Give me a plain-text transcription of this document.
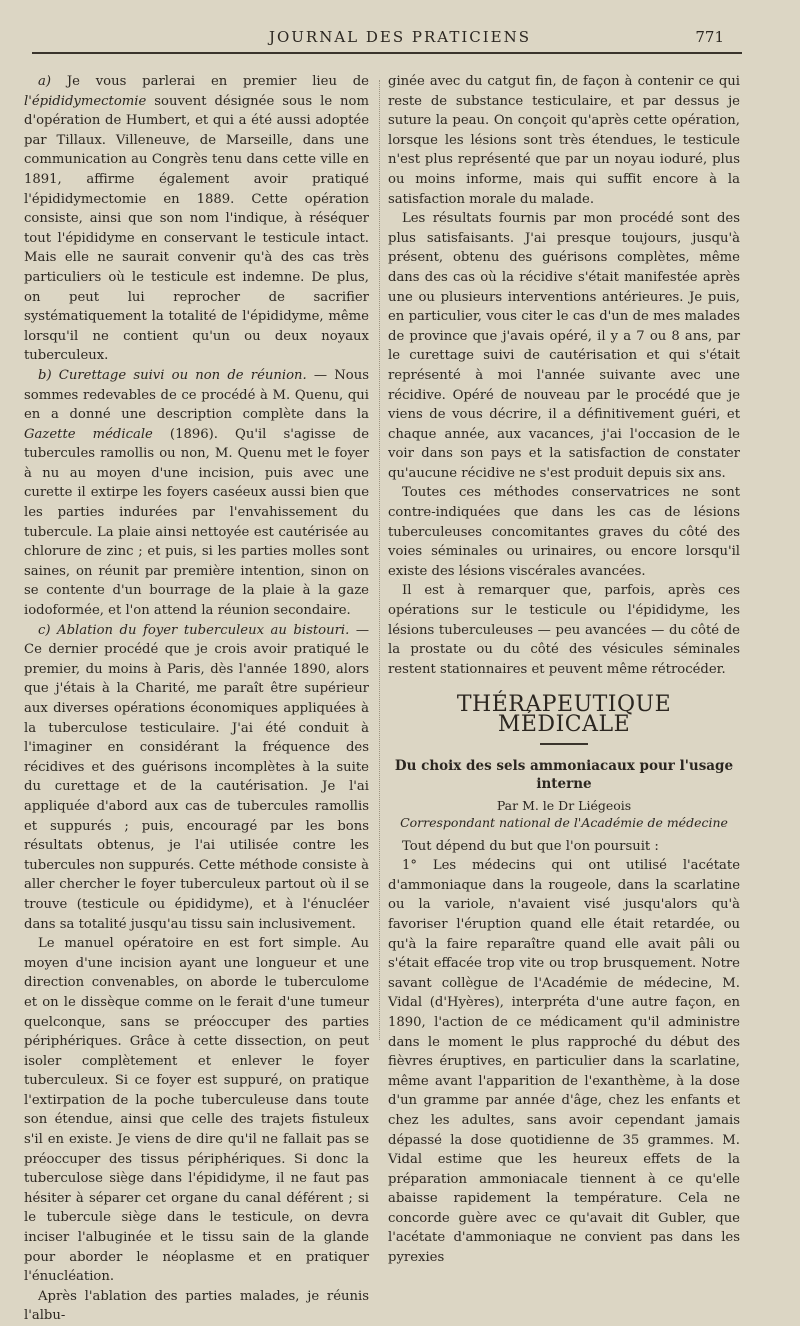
JOURNAL DES PRATICIENS	771

a) Je vous parlerai en premier lieu de l'épididymectomie souvent désignée sous le nom d'opération de Humbert, et qui a été aussi adoptée par Tillaux. Villeneuve, de Marseille, dans une communication au Congrès tenu dans cette ville en 1891, affirme également avoir pratiqué l'épididymectomie en 1889. Cette opération consiste, ainsi que son nom l'indique, à réséquer tout l'épididyme en conservant le testicule intact. Mais elle ne saurait convenir qu'à des cas très particuliers où le testicule est indemne. De plus, on peut lui reprocher de sacrifier systématiquement la totalité de l'épididyme, même lorsqu'il ne contient qu'un ou deux noyaux tuberculeux.

b) Curettage suivi ou non de réunion. — Nous sommes redevables de ce procédé à M. Quenu, qui en a donné une description complète dans la Gazette médicale (1896). Qu'il s'agisse de tubercules ramollis ou non, M. Quenu met le foyer à nu au moyen d'une incision, puis avec une curette il extirpe les foyers caséeux aussi bien que les parties indurées par l'envahissement du tubercule. La plaie ainsi nettoyée est cautérisée au chlorure de zinc ; et puis, si les parties molles sont saines, on réunit par première intention, sinon on se contente d'un bourrage de la plaie à la gaze iodoformée, et l'on attend la réunion secondaire.

c) Ablation du foyer tuberculeux au bistouri. — Ce dernier procédé que je crois avoir pratiqué le premier, du moins à Paris, dès l'année 1890, alors que j'étais à la Charité, me paraît être supérieur aux diverses opérations économiques appliquées à la tuberculose testiculaire. J'ai été conduit à l'imaginer en considérant la fréquence des récidives et des guérisons incomplètes à la suite du curettage et de la cautérisation. Je l'ai appliquée d'abord aux cas de tubercules ramollis et suppurés ; puis, encouragé par les bons résultats obtenus, je l'ai utilisée contre les tubercules non suppurés. Cette méthode consiste à aller chercher le foyer tuberculeux partout où il se trouve (testicule ou épididyme), et à l'énucléer dans sa totalité jusqu'au tissu sain inclusivement.

Le manuel opératoire en est fort simple. Au moyen d'une incision ayant une longueur et une direction convenables, on aborde le tuberculome et on le dissèque comme on le ferait d'une tumeur quelconque, sans se préoccuper des parties périphériques. Grâce à cette dissection, on peut isoler complètement et enlever le foyer tuberculeux. Si ce foyer est suppuré, on pratique l'extirpation de la poche tuberculeuse dans toute son étendue, ainsi que celle des trajets fistuleux s'il en existe. Je viens de dire qu'il ne fallait pas se préoccuper des tissus périphériques. Si donc la tuberculose siège dans l'épididyme, il ne faut pas hésiter à séparer cet organe du canal déférent ; si le tubercule siège dans le testicule, on devra inciser l'albuginée et le tissu sain de la glande pour aborder le néoplasme et en pratiquer l'énucléation.

Après l'ablation des parties malades, je réunis l'albu-

ginée avec du catgut fin, de façon à contenir ce qui reste de substance testiculaire, et par dessus je suture la peau. On conçoit qu'après cette opération, lorsque les lésions sont très étendues, le testicule n'est plus représenté que par un noyau ioduré, plus ou moins informe, mais qui suffit encore à la satisfaction morale du malade.

Les résultats fournis par mon procédé sont des plus satisfaisants. J'ai presque toujours, jusqu'à présent, obtenu des guérisons complètes, même dans des cas où la récidive s'était manifestée après une ou plusieurs interventions antérieures. Je puis, en particulier, vous citer le cas d'un de mes malades de province que j'avais opéré, il y a 7 ou 8 ans, par le curettage suivi de cautérisation et qui s'était représenté à moi l'année suivante avec une récidive. Opéré de nouveau par le procédé que je viens de vous décrire, il a définitivement guéri, et chaque année, aux vacances, j'ai l'occasion de le voir dans son pays et la satisfaction de constater qu'aucune récidive ne s'est produit depuis six ans.

Toutes ces méthodes conservatrices ne sont contre-indiquées que dans les cas de lésions tuberculeuses concomitantes graves du côté des voies séminales ou urinaires, ou encore lorsqu'il existe des lésions viscérales avancées.

Il est à remarquer que, parfois, après ces opérations sur le testicule ou l'épididyme, les lésions tuberculeuses — peu avancées — du côté de la prostate ou du côté des vésicules séminales restent stationnaires et peuvent même rétrocéder.

THÉRAPEUTIQUE MÉDICALE
Du choix des sels ammoniacaux pour l'usage interne
Par M. le Dr Liégeois
Correspondant national de l'Académie de médecine

Tout dépend du but que l'on poursuit :

1° Les médecins qui ont utilisé l'acétate d'ammoniaque dans la rougeole, dans la scarlatine ou la variole, n'avaient visé jusqu'alors qu'à favoriser l'éruption quand elle était retardée, ou qu'à la faire reparaître quand elle avait pâli ou s'était effacée trop vite ou trop brusquement. Notre savant collègue de l'Académie de médecine, M. Vidal (d'Hyères), interpréta d'une autre façon, en 1890, l'action de ce médicament qu'il administre dans le moment le plus rapproché du début des fièvres éruptives, en particulier dans la scarlatine, même avant l'apparition de l'exanthème, à la dose d'un gramme par année d'âge, chez les enfants et chez les adultes, sans avoir cependant jamais dépassé la dose quotidienne de 35 grammes. M. Vidal estime que les heureux effets de la préparation ammoniacale tiennent à ce qu'elle abaisse rapidement la température. Cela ne concorde guère avec ce qu'avait dit Gubler, que l'acétate d'ammoniaque ne convient pas dans les pyrexies
